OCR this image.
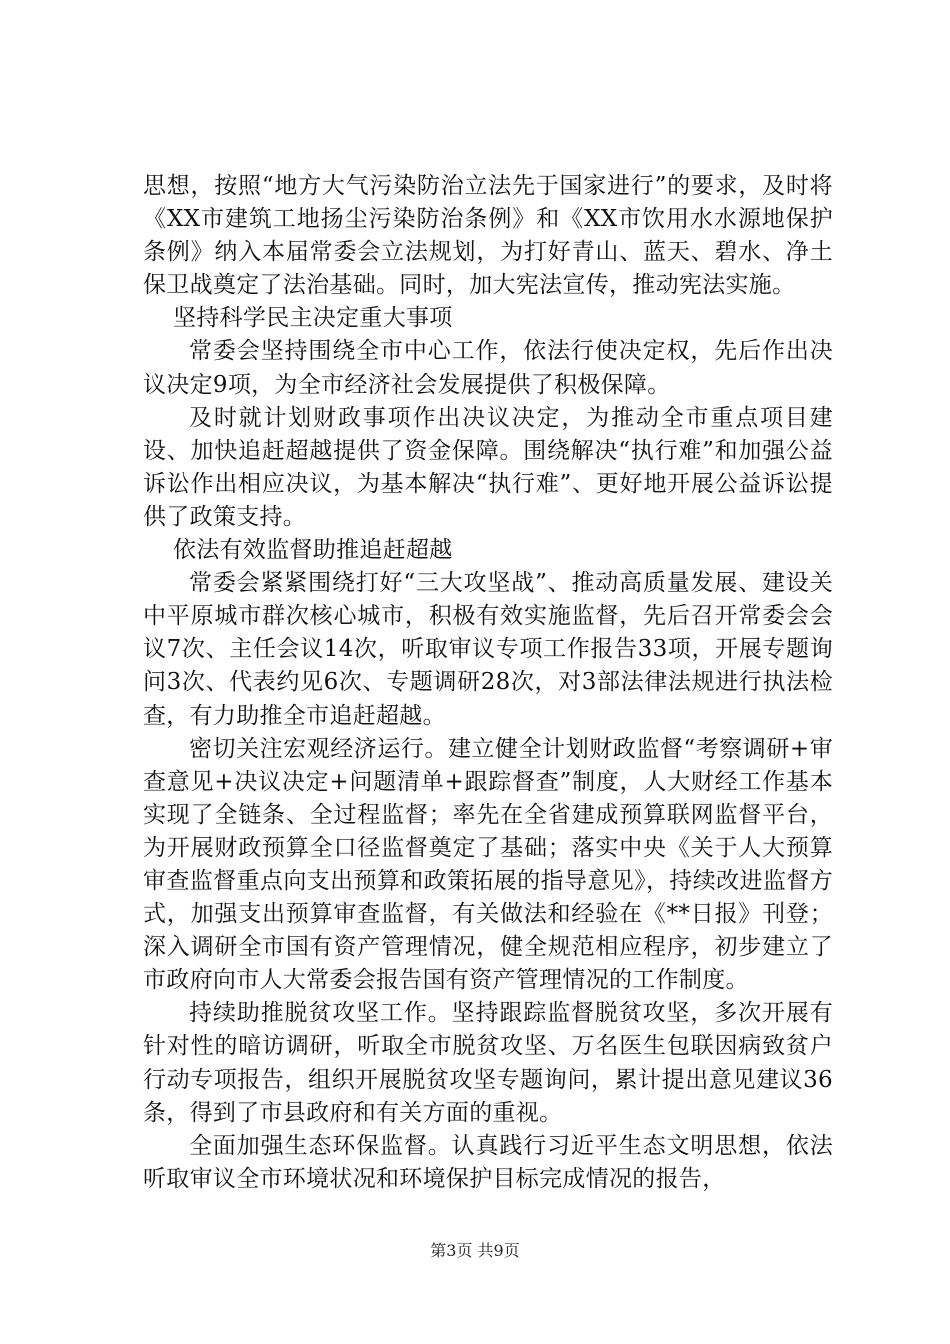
思想，按照“地方大气污染防治立法先于国家进行”的要求，及时将《XX市建筑工地扬尘污染防治条例》和《XX市饮用水水源地保护条例》纳入本届常委会立法规划，为打好青山、蓝天、碧水、净土保卫战奠定了法治基础。同时，加大宪法宣传，推动宪法实施。

坚持科学民主决定重大事项

常委会坚持围绕全市中心工作，依法行使决定权，先后作出决议决定9项，为全市经济社会发展提供了积极保障。

及时就计划财政事项作出决议决定，为推动全市重点项目建设、加快追赶超越提供了资金保障。围绕解决“执行难”和加强公益诉讼作出相应决议，为基本解决“执行难”、更好地开展公益诉讼提供了政策支持。

依法有效监督助推追赶超越

常委会紧紧围绕打好“三大攻坚战”、推动高质量发展、建设关中平原城市群次核心城市，积极有效实施监督，先后召开常委会会议7次、主任会议14次，听取审议专项工作报告33项，开展专题询问3次、代表约见6次、专题调研28次，对3部法律法规进行执法检查，有力助推全市追赶超越。

密切关注宏观经济运行。建立健全计划财政监督“考察调研+审查意见+决议决定+问题清单+跟踪督查”制度，人大财经工作基本实现了全链条、全过程监督；率先在全省建成预算联网监督平台，为开展财政预算全口径监督奠定了基础；落实中央《关于人大预算审查监督重点向支出预算和政策拓展的指导意见》，持续改进监督方式，加强支出预算审查监督，有关做法和经验在《**日报》刊登；深入调研全市国有资产管理情况，健全规范相应程序，初步建立了市政府向市人大常委会报告国有资产管理情况的工作制度。

持续助推脱贫攻坚工作。坚持跟踪监督脱贫攻坚，多次开展有针对性的暗访调研，听取全市脱贫攻坚、万名医生包联因病致贫户行动专项报告，组织开展脱贫攻坚专题询问，累计提出意见建议36条，得到了市县政府和有关方面的重视。

全面加强生态环保监督。认真践行习近平生态文明思想，依法听取审议全市环境状况和环境保护目标完成情况的报告，

第3页 共9页
